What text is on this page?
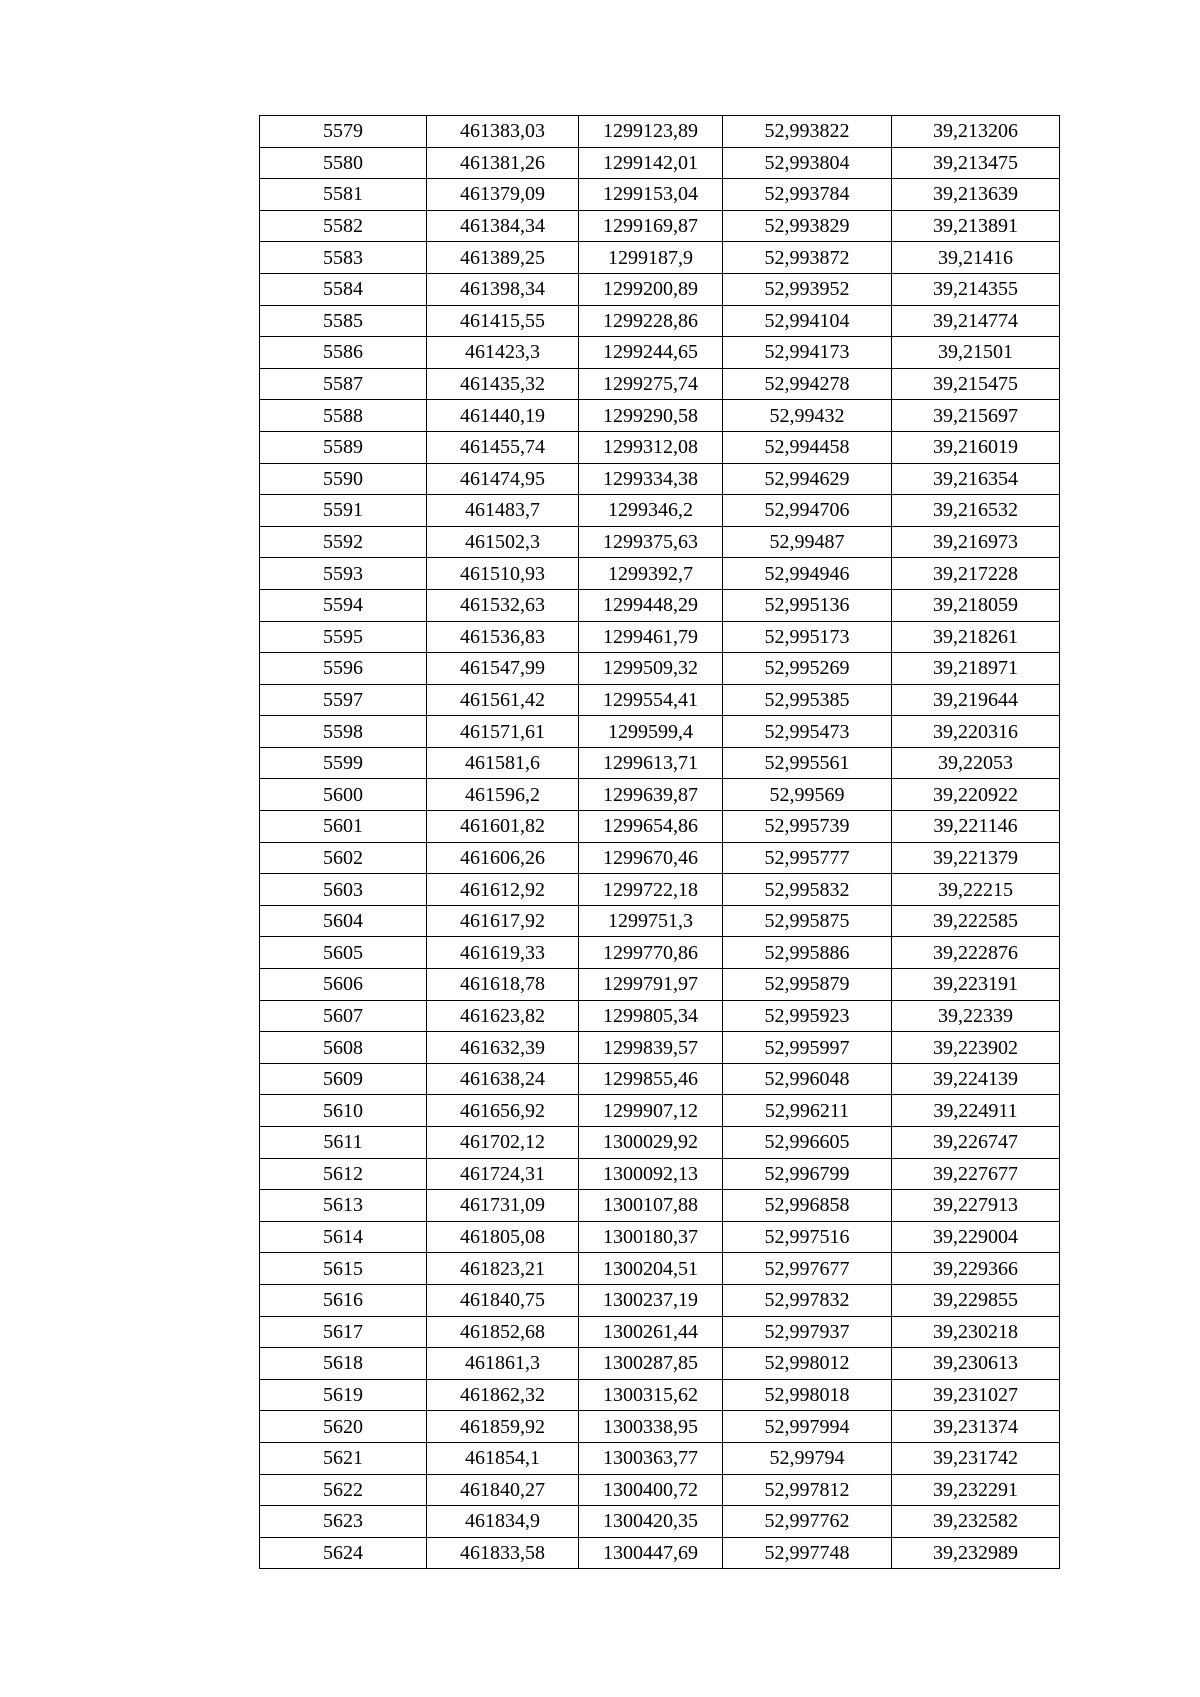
5579	461383,03	1299123,89	52,993822	39,213206
5580	461381,26	1299142,01	52,993804	39,213475
5581	461379,09	1299153,04	52,993784	39,213639
5582	461384,34	1299169,87	52,993829	39,213891
5583	461389,25	1299187,9	52,993872	39,21416
5584	461398,34	1299200,89	52,993952	39,214355
5585	461415,55	1299228,86	52,994104	39,214774
5586	461423,3	1299244,65	52,994173	39,21501
5587	461435,32	1299275,74	52,994278	39,215475
5588	461440,19	1299290,58	52,99432	39,215697
5589	461455,74	1299312,08	52,994458	39,216019
5590	461474,95	1299334,38	52,994629	39,216354
5591	461483,7	1299346,2	52,994706	39,216532
5592	461502,3	1299375,63	52,99487	39,216973
5593	461510,93	1299392,7	52,994946	39,217228
5594	461532,63	1299448,29	52,995136	39,218059
5595	461536,83	1299461,79	52,995173	39,218261
5596	461547,99	1299509,32	52,995269	39,218971
5597	461561,42	1299554,41	52,995385	39,219644
5598	461571,61	1299599,4	52,995473	39,220316
5599	461581,6	1299613,71	52,995561	39,22053
5600	461596,2	1299639,87	52,99569	39,220922
5601	461601,82	1299654,86	52,995739	39,221146
5602	461606,26	1299670,46	52,995777	39,221379
5603	461612,92	1299722,18	52,995832	39,22215
5604	461617,92	1299751,3	52,995875	39,222585
5605	461619,33	1299770,86	52,995886	39,222876
5606	461618,78	1299791,97	52,995879	39,223191
5607	461623,82	1299805,34	52,995923	39,22339
5608	461632,39	1299839,57	52,995997	39,223902
5609	461638,24	1299855,46	52,996048	39,224139
5610	461656,92	1299907,12	52,996211	39,224911
5611	461702,12	1300029,92	52,996605	39,226747
5612	461724,31	1300092,13	52,996799	39,227677
5613	461731,09	1300107,88	52,996858	39,227913
5614	461805,08	1300180,37	52,997516	39,229004
5615	461823,21	1300204,51	52,997677	39,229366
5616	461840,75	1300237,19	52,997832	39,229855
5617	461852,68	1300261,44	52,997937	39,230218
5618	461861,3	1300287,85	52,998012	39,230613
5619	461862,32	1300315,62	52,998018	39,231027
5620	461859,92	1300338,95	52,997994	39,231374
5621	461854,1	1300363,77	52,99794	39,231742
5622	461840,27	1300400,72	52,997812	39,232291
5623	461834,9	1300420,35	52,997762	39,232582
5624	461833,58	1300447,69	52,997748	39,232989
